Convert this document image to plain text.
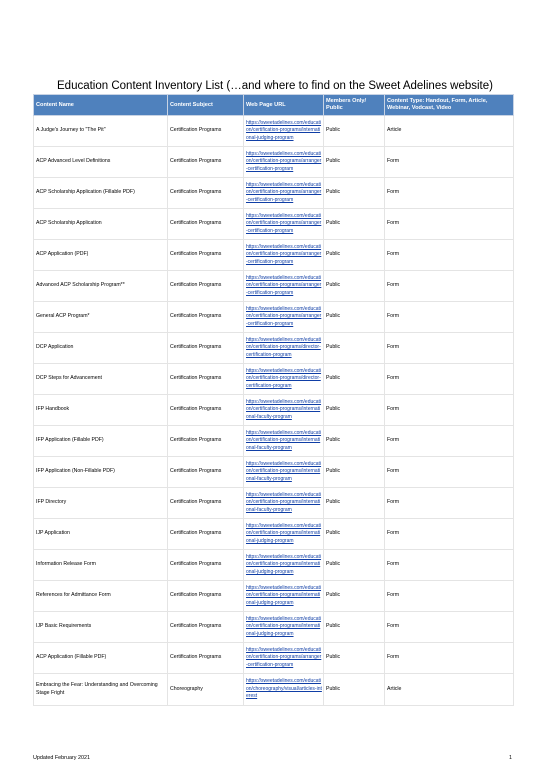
Education Content Inventory List (…and where to find on the Sweet Adelines website)
Content Name	Content Subject	Web Page URL	Members Only/ Public	Content Type: Handout, Form, Article, Webinar, Vodcast, Video
A Judge's Journey to "The Pit"	Certification Programs	https://sweetadelines.com/education/certification-programs/international-judging-program	Public	Article
ACP Advanced Level Definitions	Certification Programs	https://sweetadelines.com/education/certification-programs/arranger-certification-program	Public	Form
ACP Scholarship Application (Fillable PDF)	Certification Programs	https://sweetadelines.com/education/certification-programs/arranger-certification-program	Public	Form
ACP Scholarship Application	Certification Programs	https://sweetadelines.com/education/certification-programs/arranger-certification-program	Public	Form
ACP Application (PDF)	Certification Programs	https://sweetadelines.com/education/certification-programs/arranger-certification-program	Public	Form
Advanced ACP Scholarship Program**	Certification Programs	https://sweetadelines.com/education/certification-programs/arranger-certification-program	Public	Form
General ACP Program*	Certification Programs	https://sweetadelines.com/education/certification-programs/arranger-certification-program	Public	Form
DCP Application	Certification Programs	https://sweetadelines.com/education/certification-programs/director-certification-program	Public	Form
DCP Steps for Advancement	Certification Programs	https://sweetadelines.com/education/certification-programs/director-certification-program	Public	Form
IFP Handbook	Certification Programs	https://sweetadelines.com/education/certification-programs/international-faculty-program	Public	Form
IFP Application (Fillable PDF)	Certification Programs	https://sweetadelines.com/education/certification-programs/international-faculty-program	Public	Form
IFP Application (Non-Fillable PDF)	Certification Programs	https://sweetadelines.com/education/certification-programs/international-faculty-program	Public	Form
IFP Directory	Certification Programs	https://sweetadelines.com/education/certification-programs/international-faculty-program	Public	Form
IJP Application	Certification Programs	https://sweetadelines.com/education/certification-programs/international-judging-program	Public	Form
Information Release Form	Certification Programs	https://sweetadelines.com/education/certification-programs/international-judging-program	Public	Form
References for Admittance Form	Certification Programs	https://sweetadelines.com/education/certification-programs/international-judging-program	Public	Form
IJP Basic Requirements	Certification Programs	https://sweetadelines.com/education/certification-programs/international-judging-program	Public	Form
ACP Application (Fillable PDF)	Certification Programs	https://sweetadelines.com/education/certification-programs/arranger-certification-program	Public	Form
Embracing the Fear: Understanding and Overcoming Stage Fright	Choreography	https://sweetadelines.com/education/choreography/visual/articles-interest	Public	Article
Updated February 2021	1
